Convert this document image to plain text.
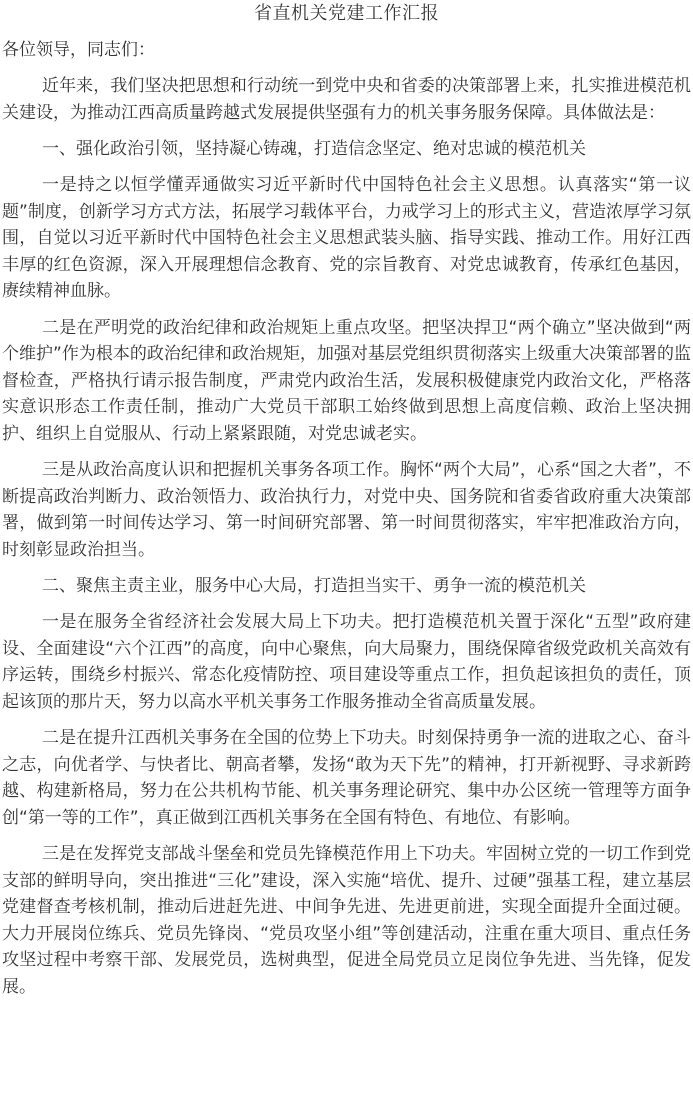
省直机关党建工作汇报
各位领导，同志们：

近年来，我们坚决把思想和行动统一到党中央和省委的决策部署上来，扎实推进模范机关建设，为推动江西高质量跨越式发展提供坚强有力的机关事务服务保障。具体做法是：

一、强化政治引领，坚持凝心铸魂，打造信念坚定、绝对忠诚的模范机关

一是持之以恒学懂弄通做实习近平新时代中国特色社会主义思想。认真落实“第一议题”制度，创新学习方式方法，拓展学习载体平台，力戒学习上的形式主义，营造浓厚学习氛围，自觉以习近平新时代中国特色社会主义思想武装头脑、指导实践、推动工作。用好江西丰厚的红色资源，深入开展理想信念教育、党的宗旨教育、对党忠诚教育，传承红色基因，赓续精神血脉。

二是在严明党的政治纪律和政治规矩上重点攻坚。把坚决捍卫“两个确立”坚决做到“两个维护”作为根本的政治纪律和政治规矩，加强对基层党组织贯彻落实上级重大决策部署的监督检查，严格执行请示报告制度，严肃党内政治生活，发展积极健康党内政治文化，严格落实意识形态工作责任制，推动广大党员干部职工始终做到思想上高度信赖、政治上坚决拥护、组织上自觉服从、行动上紧紧跟随，对党忠诚老实。

三是从政治高度认识和把握机关事务各项工作。胸怀“两个大局”，心系“国之大者”，不断提高政治判断力、政治领悟力、政治执行力，对党中央、国务院和省委省政府重大决策部署，做到第一时间传达学习、第一时间研究部署、第一时间贯彻落实，牢牢把准政治方向，时刻彰显政治担当。

二、聚焦主责主业，服务中心大局，打造担当实干、勇争一流的模范机关

一是在服务全省经济社会发展大局上下功夫。把打造模范机关置于深化“五型”政府建设、全面建设“六个江西”的高度，向中心聚焦，向大局聚力，围绕保障省级党政机关高效有序运转，围绕乡村振兴、常态化疫情防控、项目建设等重点工作，担负起该担负的责任，顶起该顶的那片天，努力以高水平机关事务工作服务推动全省高质量发展。

二是在提升江西机关事务在全国的位势上下功夫。时刻保持勇争一流的进取之心、奋斗之志，向优者学、与快者比、朝高者攀，发扬“敢为天下先”的精神，打开新视野、寻求新跨越、构建新格局，努力在公共机构节能、机关事务理论研究、集中办公区统一管理等方面争创“第一等的工作”，真正做到江西机关事务在全国有特色、有地位、有影响。

三是在发挥党支部战斗堡垒和党员先锋模范作用上下功夫。牢固树立党的一切工作到党支部的鲜明导向，突出推进“三化”建设，深入实施“培优、提升、过硬”强基工程，建立基层党建督查考核机制，推动后进赶先进、中间争先进、先进更前进，实现全面提升全面过硬。大力开展岗位练兵、党员先锋岗、“党员攻坚小组”等创建活动，注重在重大项目、重点任务攻坚过程中考察干部、发展党员，选树典型，促进全局党员立足岗位争先进、当先锋，促发展。
